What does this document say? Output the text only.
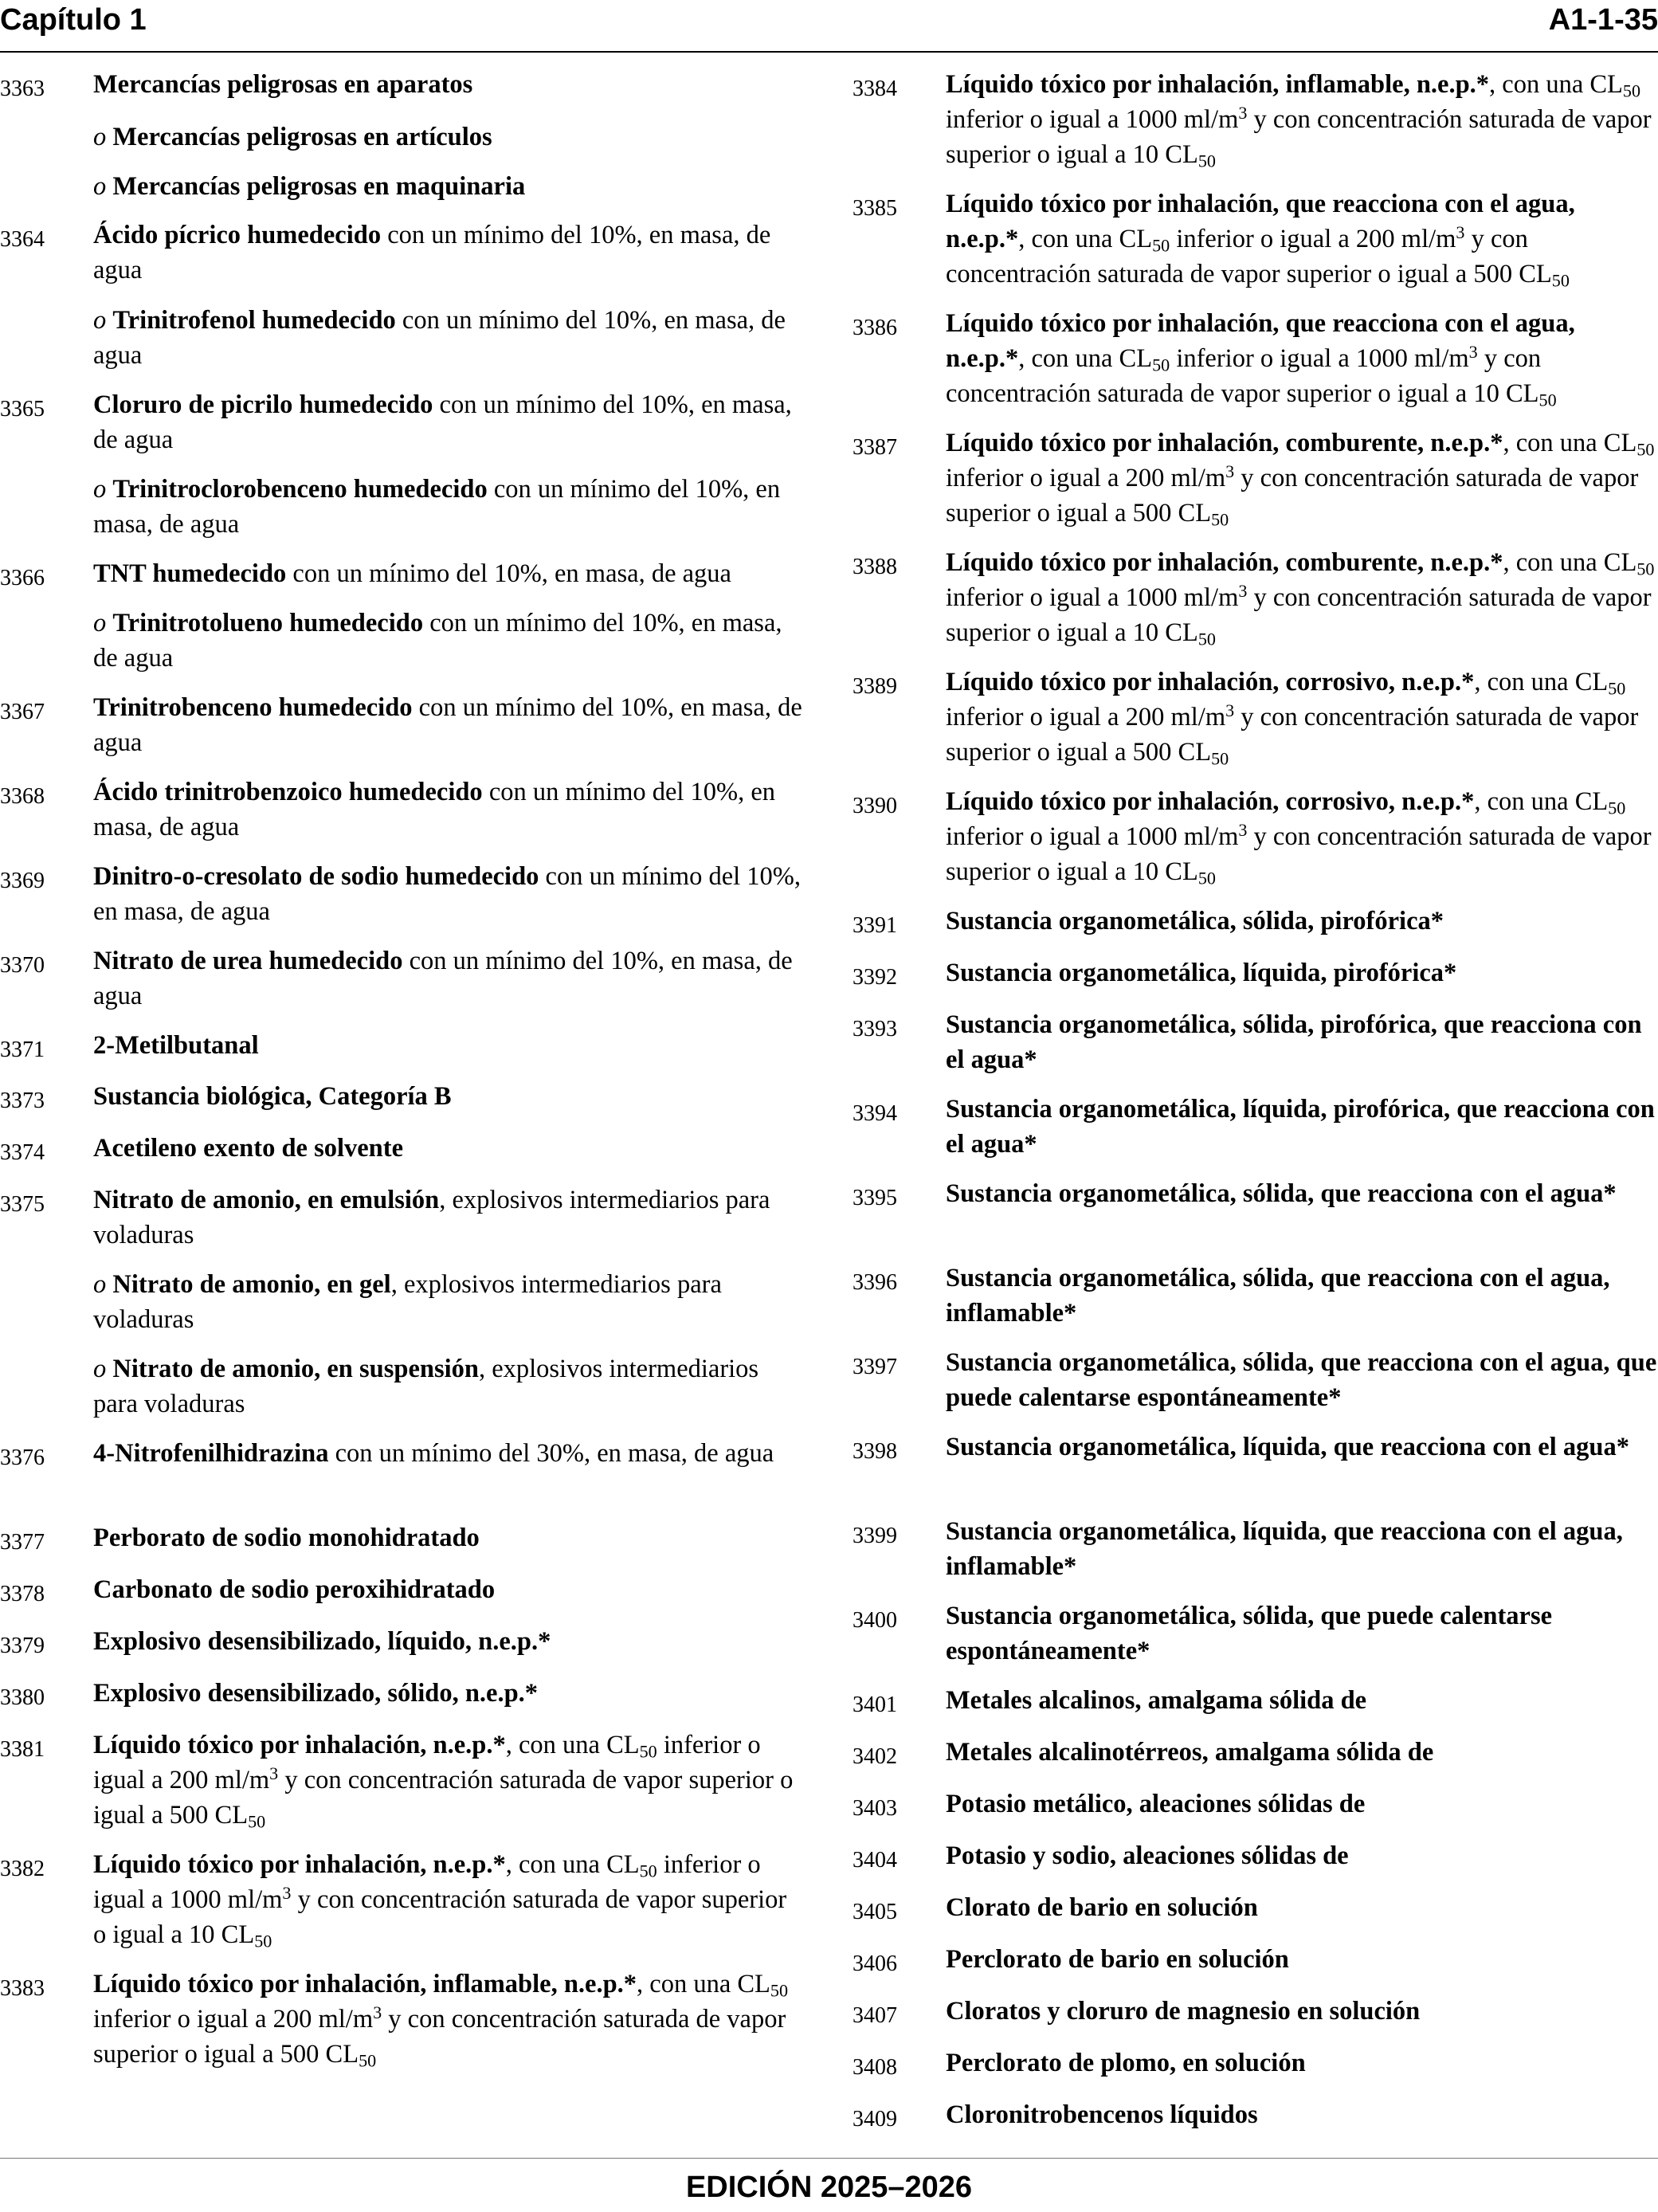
Capítulo 1	A1-1-35
3363 Mercancías peligrosas en aparatos
o Mercancías peligrosas en artículos
o Mercancías peligrosas en maquinaria
3364 Ácido pícrico humedecido con un mínimo del 10%, en masa, de agua
o Trinitrofenol humedecido con un mínimo del 10%, en masa, de agua
3365 Cloruro de picrilo humedecido con un mínimo del 10%, en masa, de agua
o Trinitroclorobenceno humedecido con un mínimo del 10%, en masa, de agua
3366 TNT humedecido con un mínimo del 10%, en masa, de agua
o Trinitrotolueno humedecido con un mínimo del 10%, en masa, de agua
3367 Trinitrobenceno humedecido con un mínimo del 10%, en masa, de agua
3368 Ácido trinitrobenzoico humedecido con un mínimo del 10%, en masa, de agua
3369 Dinitro-o-cresolato de sodio humedecido con un mínimo del 10%, en masa, de agua
3370 Nitrato de urea humedecido con un mínimo del 10%, en masa, de agua
3371 2-Metilbutanal
3373 Sustancia biológica, Categoría B
3374 Acetileno exento de solvente
3375 Nitrato de amonio, en emulsión, explosivos intermediarios para voladuras
o Nitrato de amonio, en gel, explosivos intermediarios para voladuras
o Nitrato de amonio, en suspensión, explosivos intermediarios para voladuras
3376 4-Nitrofenilhidrazina con un mínimo del 30%, en masa, de agua
3377 Perborato de sodio monohidratado
3378 Carbonato de sodio peroxihidratado
3379 Explosivo desensibilizado, líquido, n.e.p.*
3380 Explosivo desensibilizado, sólido, n.e.p.*
3381 Líquido tóxico por inhalación, n.e.p.*, con una $CL_{50}$ inferior o igual a 200 $ml/m^3$ y con concentración saturada de vapor superior o igual a 500 $CL_{50}$
3382 Líquido tóxico por inhalación, n.e.p.*, con una $CL_{50}$ inferior o igual a 1000 $ml/m^3$ y con concentración saturada de vapor superior o igual a 10 $CL_{50}$
3383 Líquido tóxico por inhalación, inflamable, n.e.p.*, con una $CL_{50}$ inferior o igual a 200 $ml/m^3$ y con concentración saturada de vapor superior o igual a 500 $CL_{50}$
3384 Líquido tóxico por inhalación, inflamable, n.e.p.*, con una $CL_{50}$ inferior o igual a 1000 $ml/m^3$ y con concentración saturada de vapor superior o igual a 10 $CL_{50}$
3385 Líquido tóxico por inhalación, que reacciona con el agua, n.e.p.*, con una $CL_{50}$ inferior o igual a 200 $ml/m^3$ y con concentración saturada de vapor superior o igual a 500 $CL_{50}$
3386 Líquido tóxico por inhalación, que reacciona con el agua, n.e.p.*, con una $CL_{50}$ inferior o igual a 1000 $ml/m^3$ y con concentración saturada de vapor superior o igual a 10 $CL_{50}$
3387 Líquido tóxico por inhalación, comburente, n.e.p.*, con una $CL_{50}$ inferior o igual a 200 $ml/m^3$ y con concentración saturada de vapor superior o igual a 500 $CL_{50}$
3388 Líquido tóxico por inhalación, comburente, n.e.p.*, con una $CL_{50}$ inferior o igual a 1000 $ml/m^3$ y con concentración saturada de vapor superior o igual a 10 $CL_{50}$
3389 Líquido tóxico por inhalación, corrosivo, n.e.p.*, con una $CL_{50}$ inferior o igual a 200 $ml/m^3$ y con concentración saturada de vapor superior o igual a 500 $CL_{50}$
3390 Líquido tóxico por inhalación, corrosivo, n.e.p.*, con una $CL_{50}$ inferior o igual a 1000 $ml/m^3$ y con concentración saturada de vapor superior o igual a 10 $CL_{50}$
3391 Sustancia organometálica, sólida, pirofórica*
3392 Sustancia organometálica, líquida, pirofórica*
3393 Sustancia organometálica, sólida, pirofórica, que reacciona con el agua*
3394 Sustancia organometálica, líquida, pirofórica, que reacciona con el agua*
3395 Sustancia organometálica, sólida, que reacciona con el agua*
3396 Sustancia organometálica, sólida, que reacciona con el agua, inflamable*
3397 Sustancia organometálica, sólida, que reacciona con el agua, que puede calentarse espontáneamente*
3398 Sustancia organometálica, líquida, que reacciona con el agua*
3399 Sustancia organometálica, líquida, que reacciona con el agua, inflamable*
3400 Sustancia organometálica, sólida, que puede calentarse espontáneamente*
3401 Metales alcalinos, amalgama sólida de
3402 Metales alcalinotérreos, amalgama sólida de
3403 Potasio metálico, aleaciones sólidas de
3404 Potasio y sodio, aleaciones sólidas de
3405 Clorato de bario en solución
3406 Perclorato de bario en solución
3407 Cloratos y cloruro de magnesio en solución
3408 Perclorato de plomo, en solución
3409 Cloronitrobencenos líquidos
EDICIÓN 2025–2026
